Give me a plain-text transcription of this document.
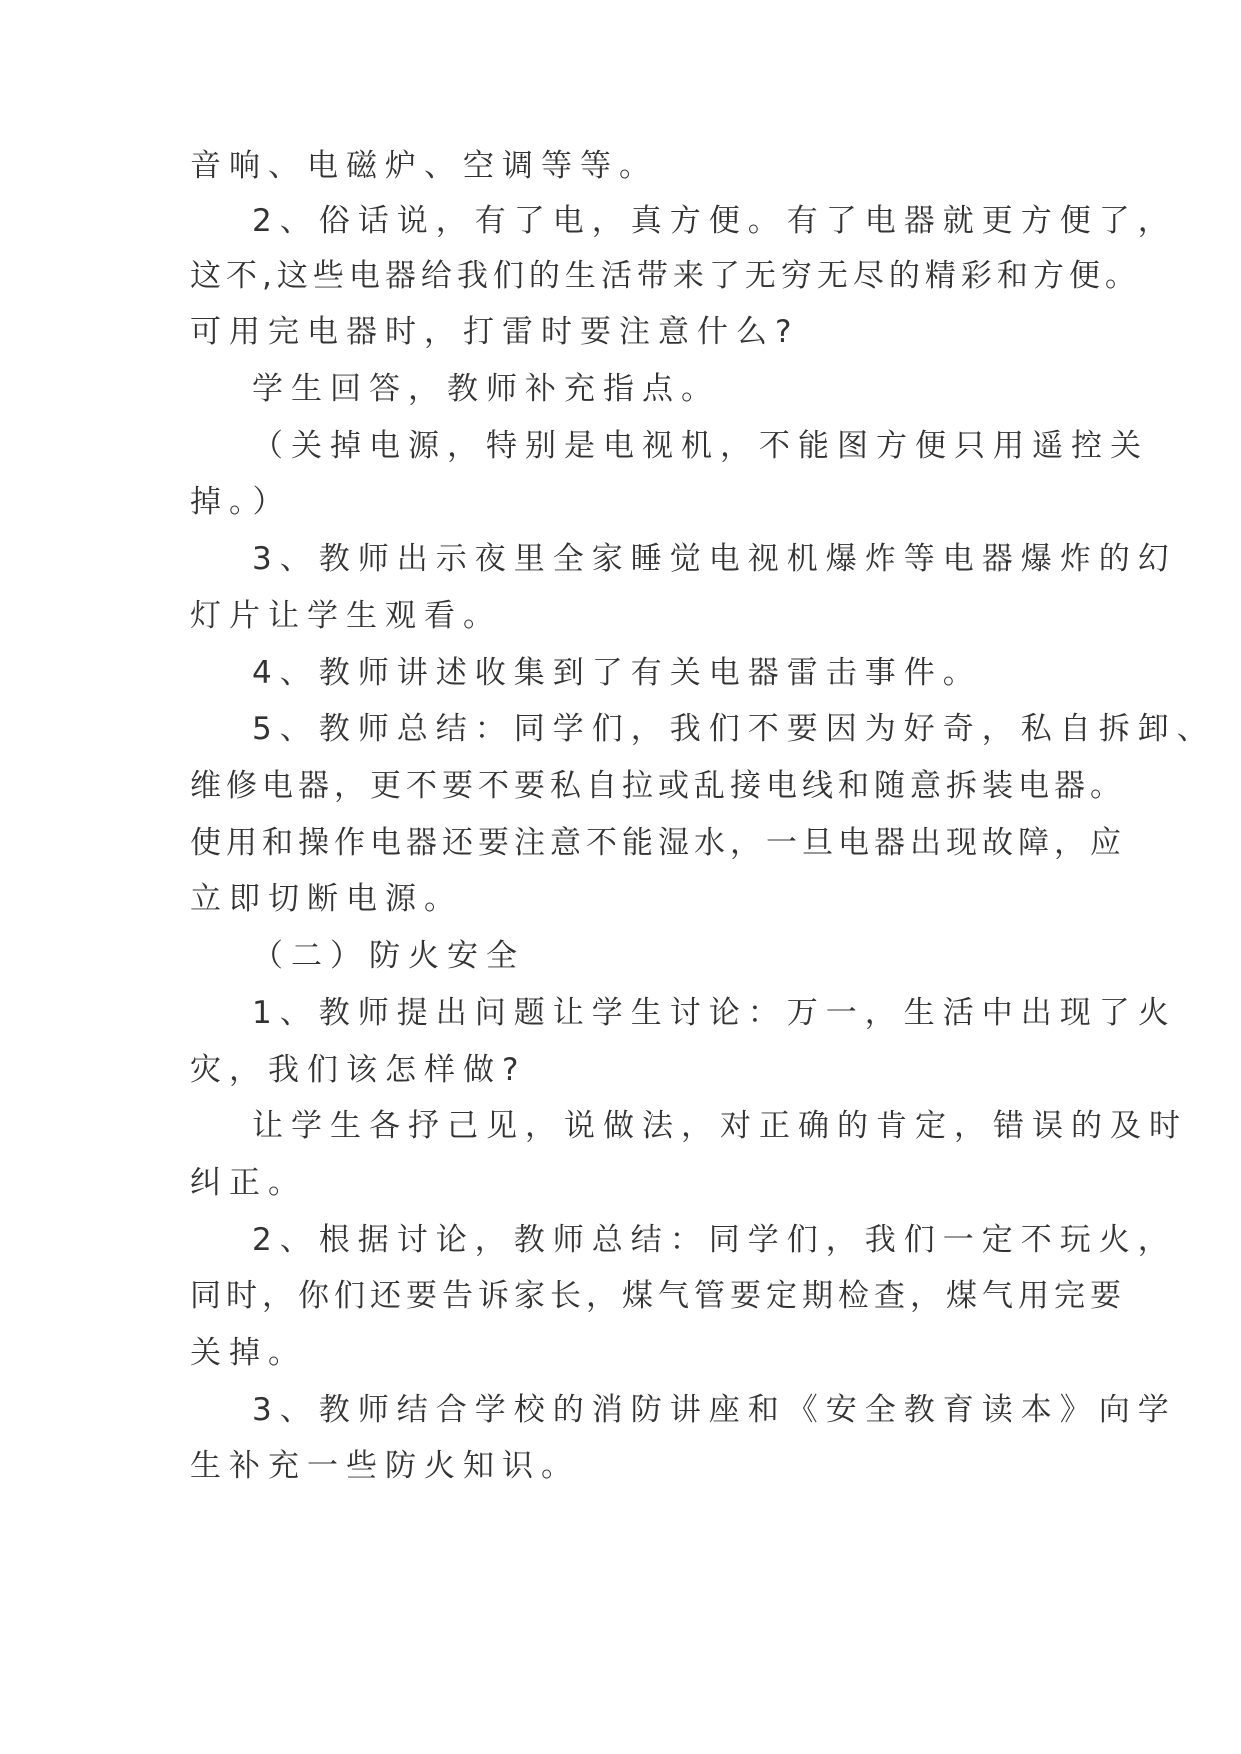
音响、电磁炉、空调等等。
2、俗话说，有了电，真方便。有了电器就更方便了，
这不,这些电器给我们的生活带来了无穷无尽的精彩和方便。
可用完电器时，打雷时要注意什么?
学生回答，教师补充指点。
（关掉电源，特别是电视机，不能图方便只用遥控关
掉。）
3、教师出示夜里全家睡觉电视机爆炸等电器爆炸的幻
灯片让学生观看。
4、教师讲述收集到了有关电器雷击事件。
5、教师总结：同学们，我们不要因为好奇，私自拆卸、
维修电器，更不要不要私自拉或乱接电线和随意拆装电器。
使用和操作电器还要注意不能湿水，一旦电器出现故障，应
立即切断电源。
（二）防火安全
1、教师提出问题让学生讨论：万一，生活中出现了火
灾，我们该怎样做?
让学生各抒己见，说做法，对正确的肯定，错误的及时
纠正。
2、根据讨论，教师总结：同学们，我们一定不玩火，
同时，你们还要告诉家长，煤气管要定期检查，煤气用完要
关掉。
3、教师结合学校的消防讲座和《安全教育读本》向学
生补充一些防火知识。
